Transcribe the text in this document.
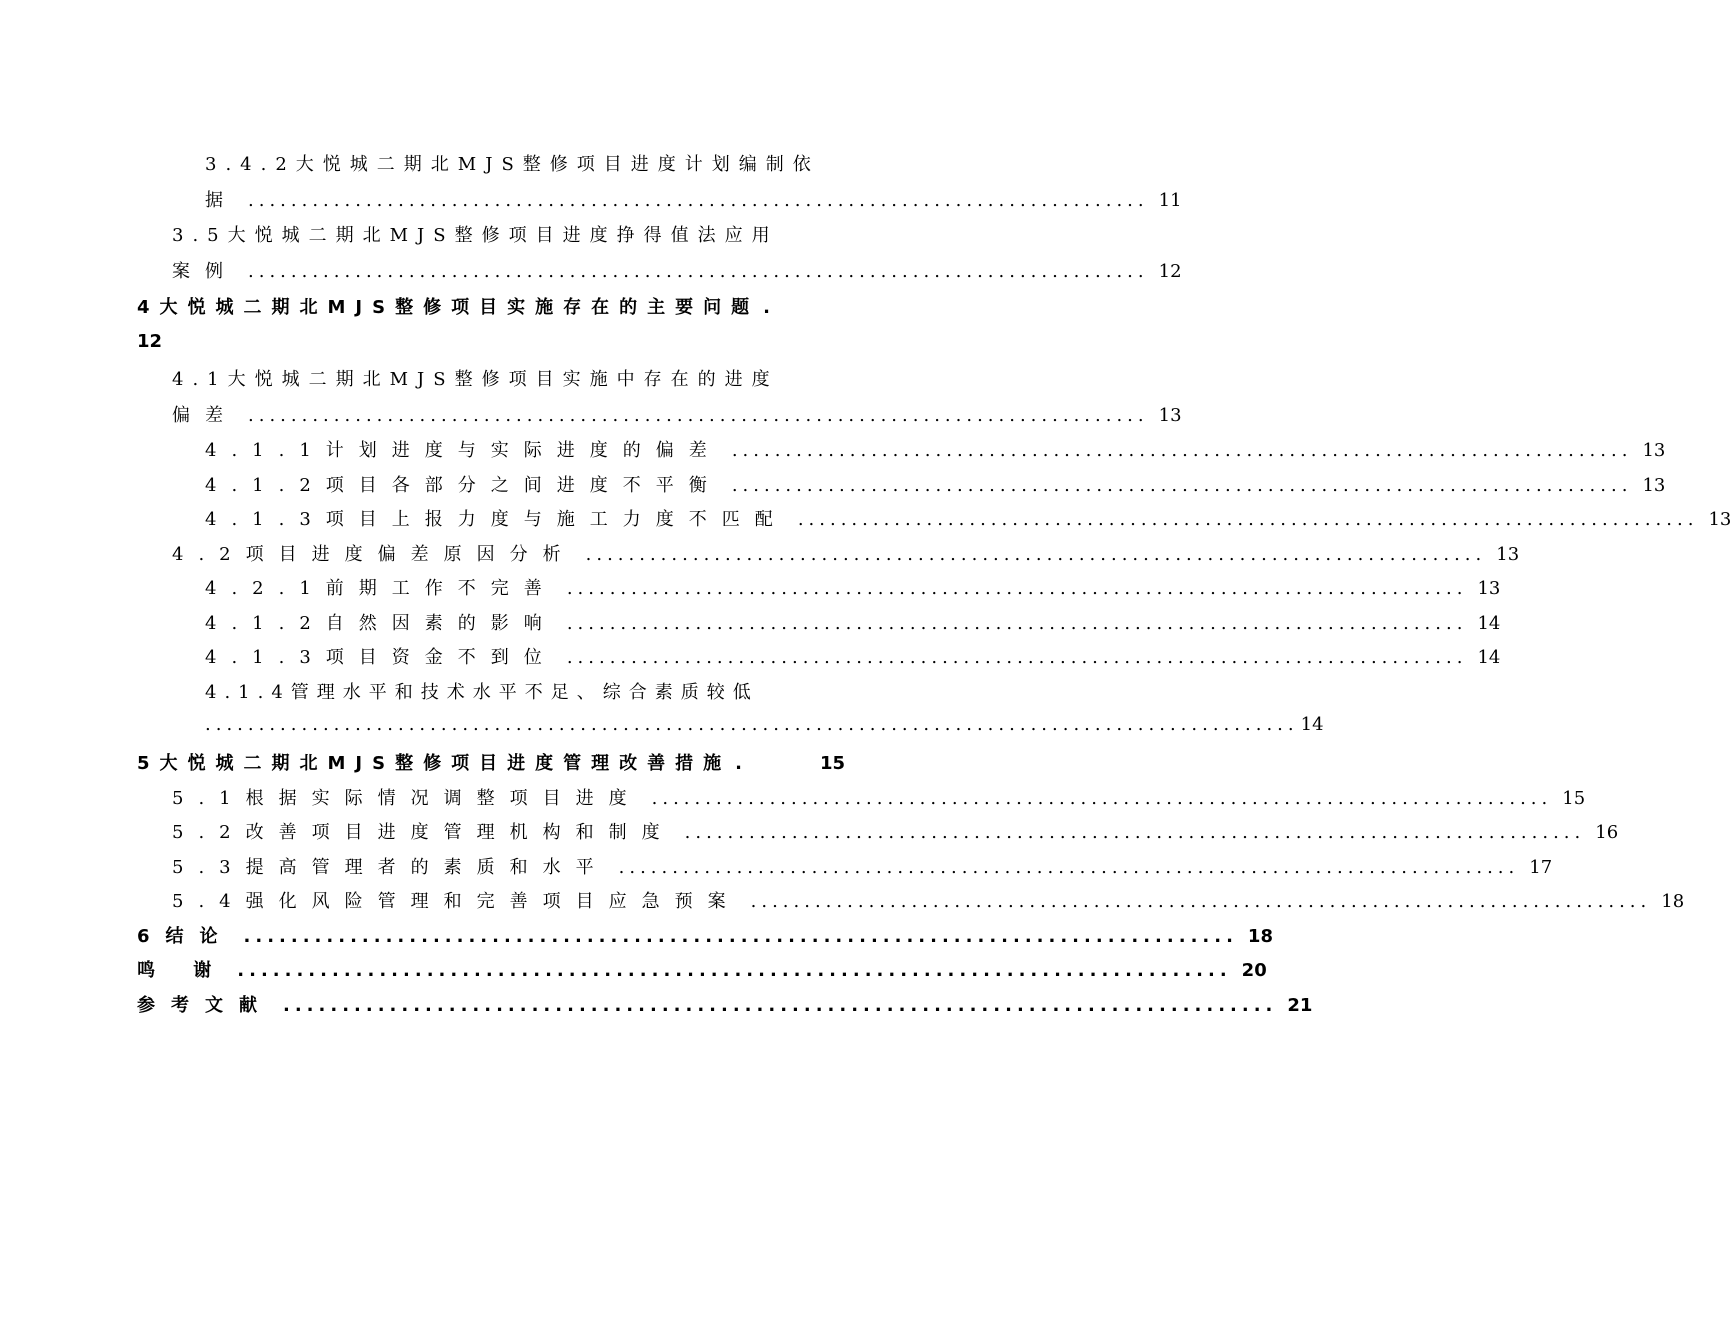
3.4.2大悦城二期北MJS整修项目进度计划编制依
据 .................................................................................... 11
3.5大悦城二期北MJS整修项目进度挣得值法应用
案例 .................................................................................... 12
4大悦城二期北MJS整修项目实施存在的主要问题 .
12
4.1大悦城二期北MJS整修项目实施中存在的进度
偏差 .................................................................................... 13
4.1.1计划进度与实际进度的偏差 .................................................................................... 13
4.1.2项目各部分之间进度不平衡 .................................................................................... 13
4.1.3项目上报力度与施工力度不匹配 .................................................................................... 13
4.2项目进度偏差原因分析 .................................................................................... 13
4.2.1前期工作不完善 .................................................................................... 13
4.1.2自然因素的影响 .................................................................................... 14
4.1.3项目资金不到位 .................................................................................... 14
4.1.4管理水平和技术水平不足、综合素质较低
...................................................................................................... 14
5大悦城二期北MJS整修项目进度管理改善措施 .	15
5.1根据实际情况调整项目进度 .................................................................................... 15
5.2改善项目进度管理机构和制度 .................................................................................... 16
5.3提高管理者的素质和水平 .................................................................................... 17
5.4强化风险管理和完善项目应急预案 .................................................................................... 18
6结论 .................................................................................... 18
鸣 谢 .................................................................................... 20
参考文献 .................................................................................... 21
